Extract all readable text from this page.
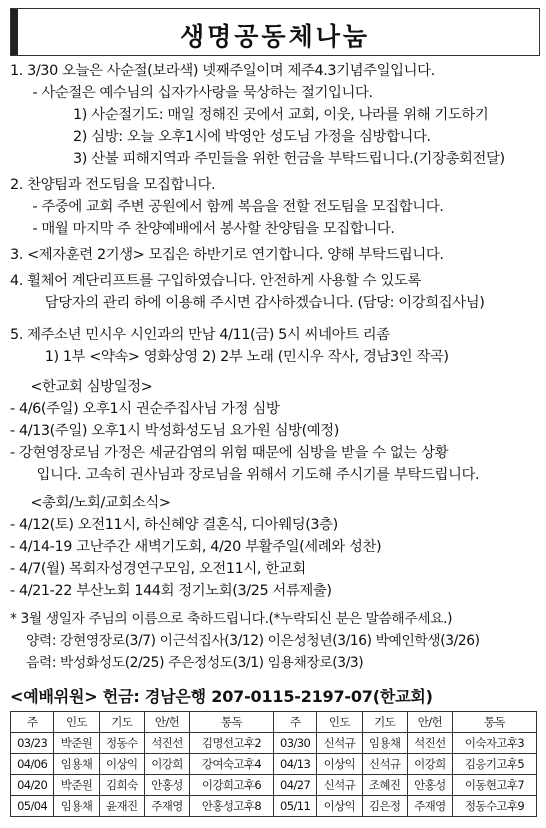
생명공동체나눔
1. 3/30 오늘은 사순절(보라색) 넷째주일이며 제주4.3기념주일입니다.
- 사순절은 예수님의 십자가사랑을 묵상하는 절기입니다.
1) 사순절기도: 매일 정해진 곳에서 교회, 이웃, 나라를 위해 기도하기
2) 심방: 오늘 오후1시에 박영안 성도님 가정을 심방합니다.
3) 산불 피해지역과 주민들을 위한 헌금을 부탁드립니다.(기장총회전달)
2. 찬양팀과 전도팀을 모집합니다.
- 주중에 교회 주변 공원에서 함께 복음을 전할 전도팀을 모집합니다.
- 매월 마지막 주 찬양예배에서 봉사할 찬양팀을 모집합니다.
3. <제자훈련 2기생> 모집은 하반기로 연기합니다. 양해 부탁드립니다.
4. 휠체어 계단리프트를 구입하였습니다. 안전하게 사용할 수 있도록
담당자의 관리 하에 이용해 주시면 감사하겠습니다. (담당: 이강희집사님)
5. 제주소년 민시우 시인과의 만남 4/11(금) 5시 씨네아트 리좀
1) 1부 <약속> 영화상영 2) 2부 노래 (민시우 작사, 경남3인 작곡)
<한교회 심방일정>
- 4/6(주일) 오후1시 권순주집사님 가정 심방
- 4/13(주일) 오후1시 박성화성도님 요가원 심방(예정)
- 강현영장로님 가정은 세균감염의 위험 때문에 심방을 받을 수 없는 상황
입니다. 고속히 권사님과 장로님을 위해서 기도해 주시기를 부탁드립니다.
<총회/노회/교회소식>
- 4/12(토) 오전11시, 하신혜양 결혼식, 디아웨딩(3층)
- 4/14-19 고난주간 새벽기도회, 4/20 부활주일(세례와 성찬)
- 4/7(월) 목회자성경연구모임, 오전11시, 한교회
- 4/21-22 부산노회 144회 정기노회(3/25 서류제출)
* 3월 생일자 주님의 이름으로 축하드립니다.(*누락되신 분은 말씀해주세요.)
양력: 강현영장로(3/7) 이근석집사(3/12) 이은성청년(3/16) 박예인학생(3/26)
음력: 박성화성도(2/25) 주은정성도(3/1) 임용채장로(3/3)
<예배위원> 헌금: 경남은행 207-0115-2197-07(한교회)
주	인도	기도	안/헌	통독	주	인도	기도	안/헌	통독
03/23	박준원	정동수	석진선	김명선고후2	03/30	신석규	임용채	석진선	이숙자고후3
04/06	임용채	이상익	이강희	강여숙고후4	04/13	이상익	신석규	이강희	김응기고후5
04/20	박준원	김희숙	안홍성	이강희고후6	04/27	신석규	조혜진	안홍성	이동현고후7
05/04	임용채	윤재진	주재영	안홍성고후8	05/11	이상익	김은정	주재영	정동수고후9
